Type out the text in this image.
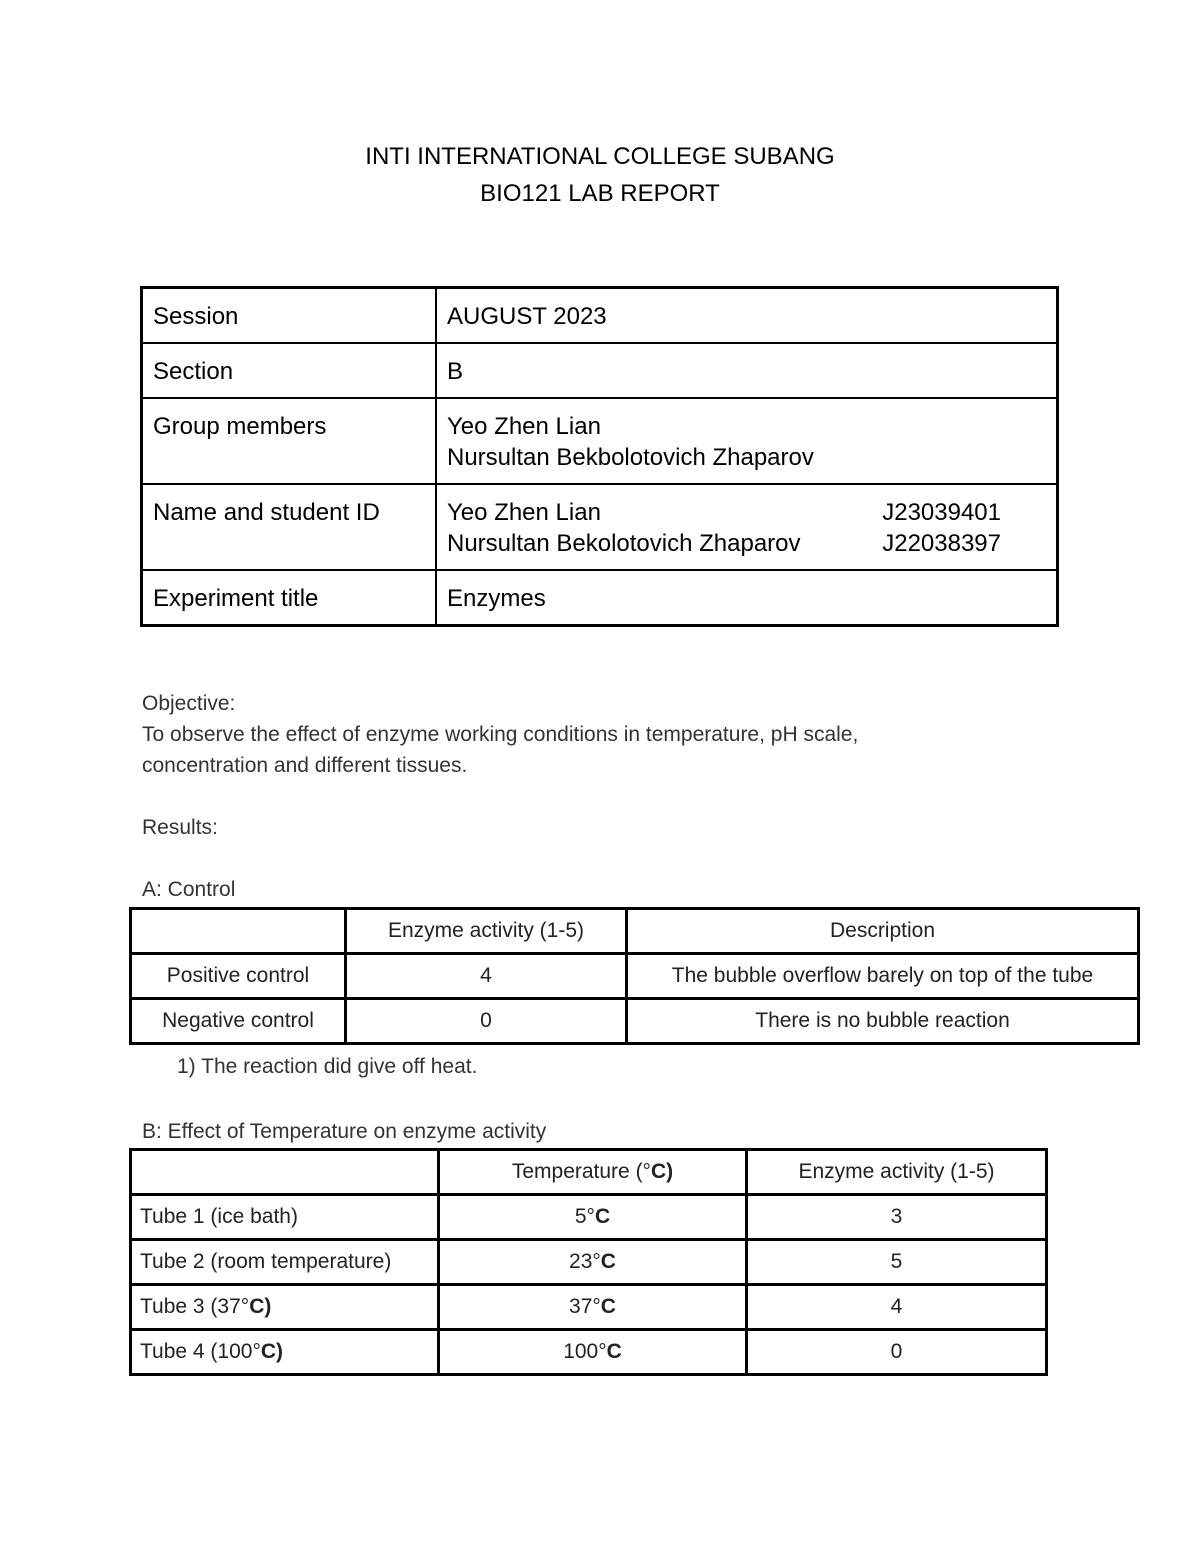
INTI INTERNATIONAL COLLEGE SUBANG
BIO121 LAB REPORT
Session	AUGUST 2023
Section	B
Group members	Yeo Zhen Lian
Nursultan Bekbolotovich Zhaparov

Name and student ID	Yeo Zhen Lian J23039401
Nursultan Bekolotovich Zhaparov J22038397

Experiment title	Enzymes
Objective:
To observe the effect of enzyme working conditions in temperature, pH scale,
concentration and different tissues.
Results:
A: Control
	Enzyme activity (1-5)	Description
Positive control	4	The bubble overflow barely on top of the tube
Negative control	0	There is no bubble reaction
1) The reaction did give off heat.
B: Effect of Temperature on enzyme activity
	Temperature (°C)	Enzyme activity (1-5)
Tube 1 (ice bath)	5°C	3
Tube 2 (room temperature)	23°C	5
Tube 3 (37°C)	37°C	4
Tube 4 (100°C)	100°C	0
